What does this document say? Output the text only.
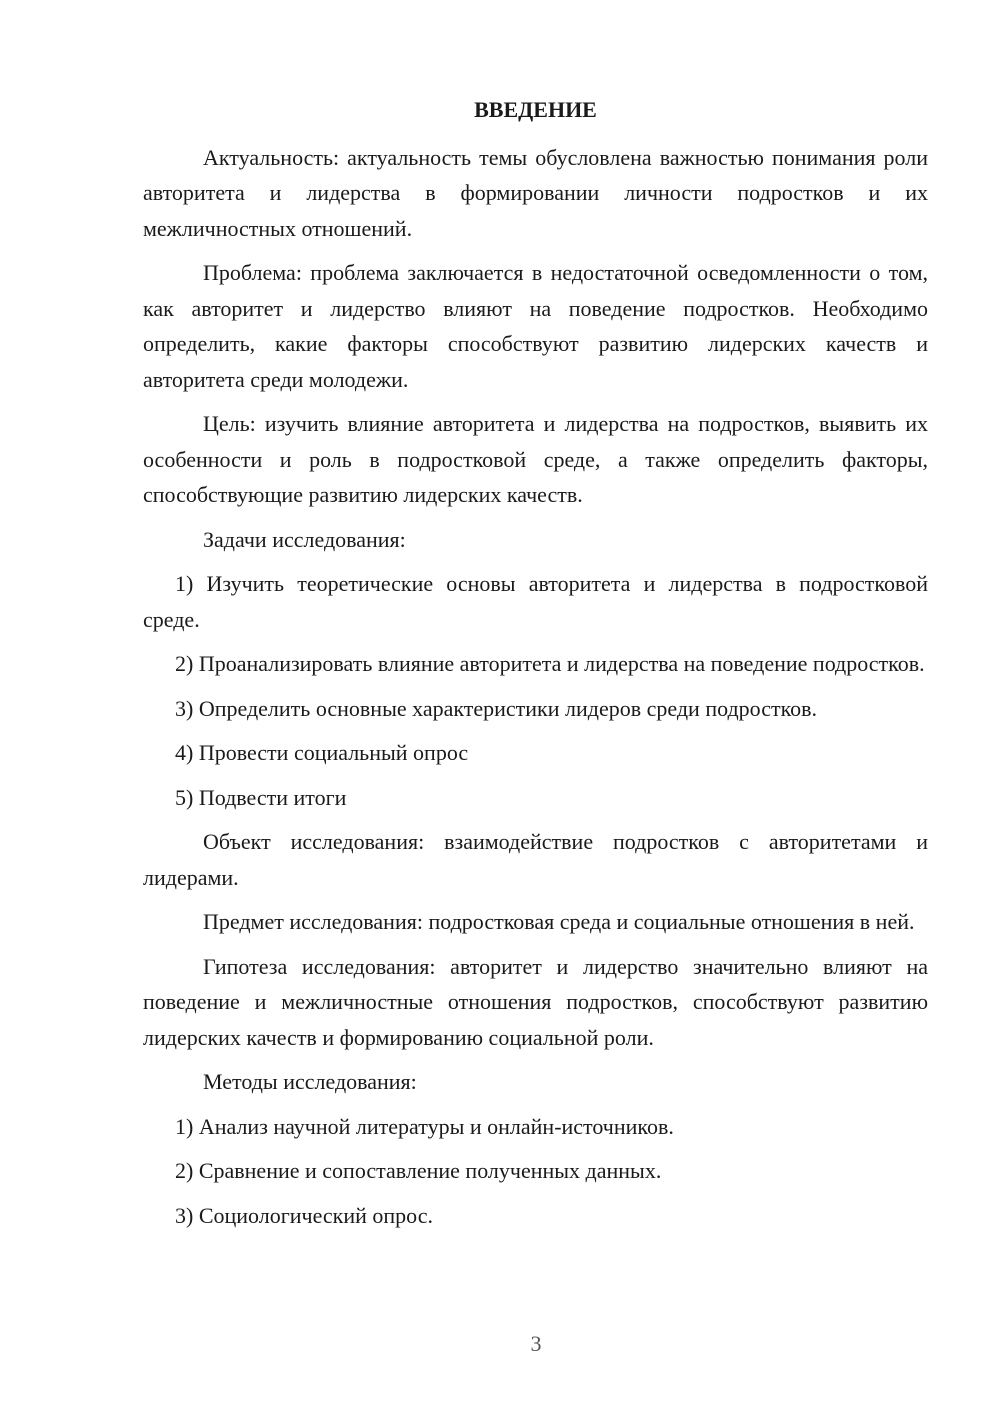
ВВЕДЕНИЕ

Актуальность: актуальность темы обусловлена важностью понимания роли авторитета и лидерства в формировании личности подростков и их межличностных отношений.

Проблема: проблема заключается в недостаточной осведомленности о том, как авторитет и лидерство влияют на поведение подростков. Необходимо определить, какие факторы способствуют развитию лидерских качеств и авторитета среди молодежи.

Цель: изучить влияние авторитета и лидерства на подростков, выявить их особенности и роль в подростковой среде, а также определить факторы, способствующие развитию лидерских качеств.

Задачи исследования:

1) Изучить теоретические основы авторитета и лидерства в подростковой среде.

2) Проанализировать влияние авторитета и лидерства на поведение подростков.

3) Определить основные характеристики лидеров среди подростков.

4) Провести социальный опрос

5) Подвести итоги

Объект исследования: взаимодействие подростков с авторитетами и лидерами.

Предмет исследования: подростковая среда и социальные отношения в ней.

Гипотеза исследования: авторитет и лидерство значительно влияют на поведение и межличностные отношения подростков, способствуют развитию лидерских качеств и формированию социальной роли.

Методы исследования:

1) Анализ научной литературы и онлайн-источников.

2) Сравнение и сопоставление полученных данных.

3) Социологический опрос.

3
